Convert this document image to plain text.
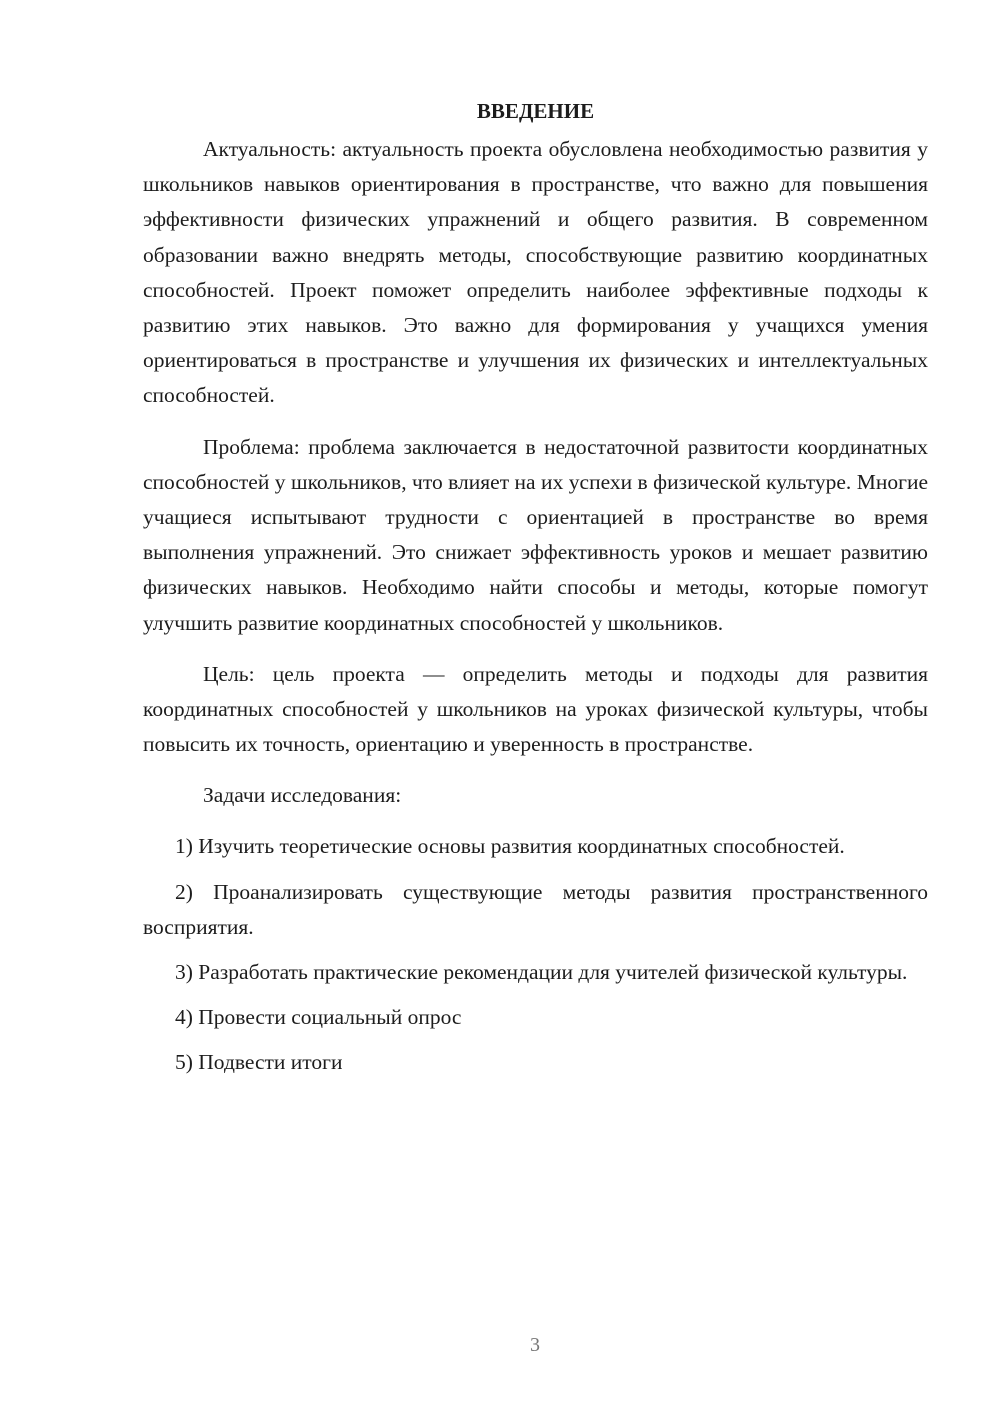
ВВЕДЕНИЕ

Актуальность: актуальность проекта обусловлена необходимостью развития у школьников навыков ориентирования в пространстве, что важно для повышения эффективности физических упражнений и общего развития. В современном образовании важно внедрять методы, способствующие развитию координатных способностей. Проект поможет определить наиболее эффективные подходы к развитию этих навыков. Это важно для формирования у учащихся умения ориентироваться в пространстве и улучшения их физических и интеллектуальных способностей.

Проблема: проблема заключается в недостаточной развитости координатных способностей у школьников, что влияет на их успехи в физической культуре. Многие учащиеся испытывают трудности с ориентацией в пространстве во время выполнения упражнений. Это снижает эффективность уроков и мешает развитию физических навыков. Необходимо найти способы и методы, которые помогут улучшить развитие координатных способностей у школьников.

Цель: цель проекта — определить методы и подходы для развития координатных способностей у школьников на уроках физической культуры, чтобы повысить их точность, ориентацию и уверенность в пространстве.

Задачи исследования:

1) Изучить теоретические основы развития координатных способностей.

2) Проанализировать существующие методы развития пространственного восприятия.

3) Разработать практические рекомендации для учителей физической культуры.

4) Провести социальный опрос

5) Подвести итоги

3
